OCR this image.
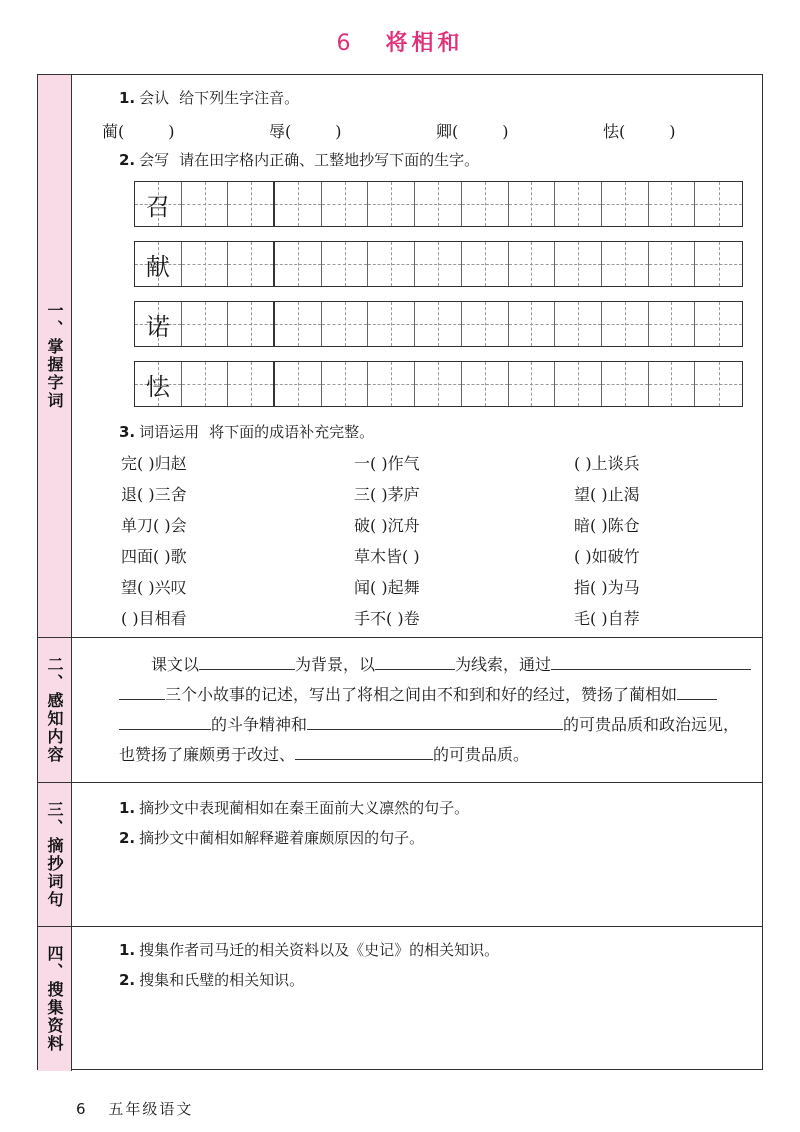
6 将相和
一、掌握字词
1. 会认 给下列生字注音。
蔺(	)	辱(	)	卿(	)	怯(	)
2. 会写 请在田字格内正确、工整地抄写下面的生字。
召
献
诺
怯
3. 词语运用 将下面的成语补充完整。
完( )归赵	一( )作气	( )上谈兵
退( )三舍	三( )茅庐	望( )止渴
单刀( )会	破( )沉舟	暗( )陈仓
四面( )歌	草木皆( )	( )如破竹
望( )兴叹	闻( )起舞	指( )为马
( )目相看	手不( )卷	毛( )自荐
二、感知内容	课文以	为背景，以	为线索，通过
三个小故事的记述，写出了将相之间由不和到和好的经过，赞扬了蔺相如
的斗争精神和	的可贵品质和政治远见，
也赞扬了廉颇勇于改过、	的可贵品质。
三、摘抄词句	1. 摘抄文中表现蔺相如在秦王面前大义凛然的句子。
2. 摘抄文中蔺相如解释避着廉颇原因的句子。
四、搜集资料	1. 搜集作者司马迁的相关资料以及《史记》的相关知识。
2. 搜集和氏璧的相关知识。
6 五年级语文
